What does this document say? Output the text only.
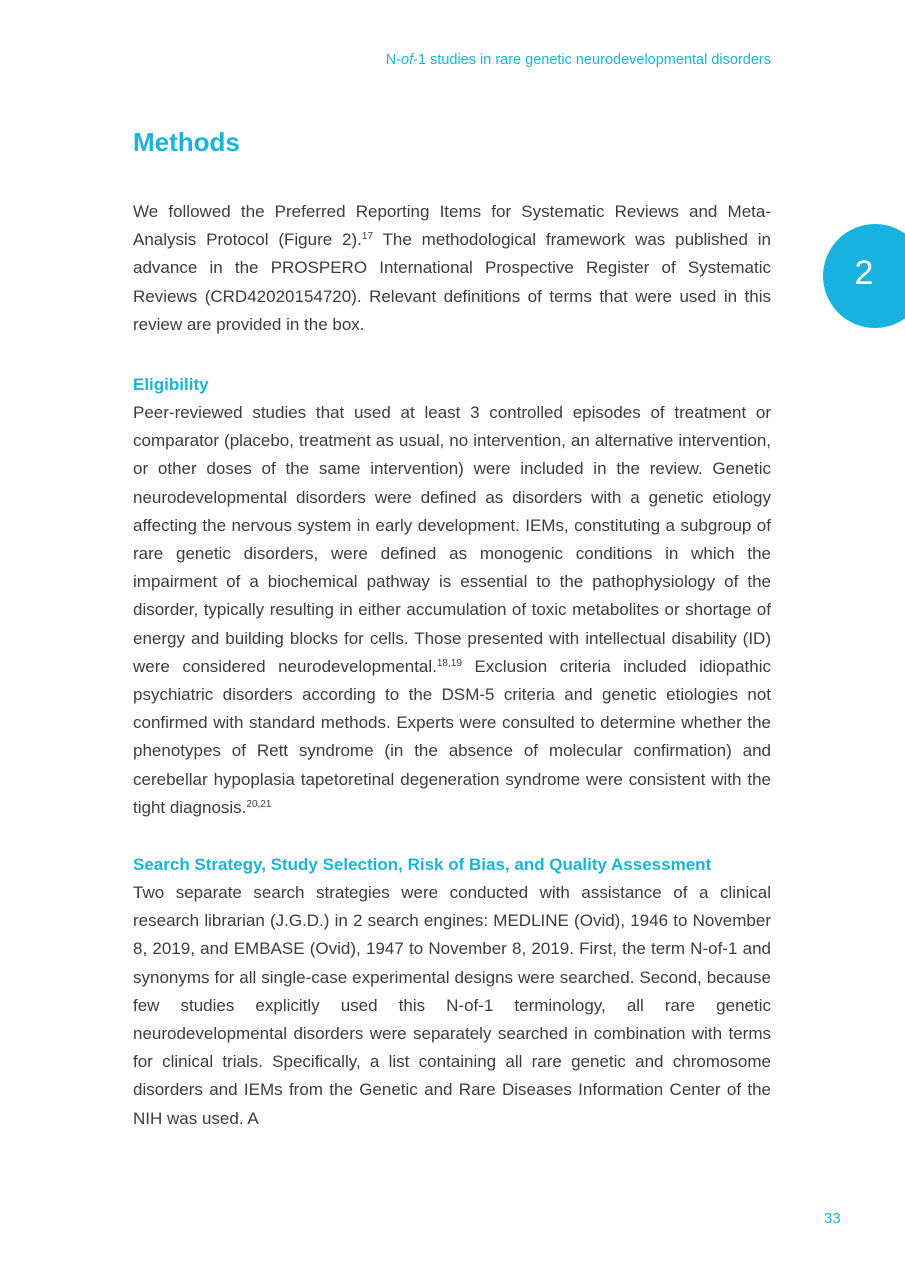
N-of-1 studies in rare genetic neurodevelopmental disorders
2
Methods

We followed the Preferred Reporting Items for Systematic Reviews and Meta-Analysis Protocol (Figure 2).$^{17}$ The methodological framework was published in advance in the PROSPERO International Prospective Register of Systematic Reviews (CRD42020154720). Relevant definitions of terms that were used in this review are provided in the box.

Eligibility

Peer-reviewed studies that used at least 3 controlled episodes of treatment or comparator (placebo, treatment as usual, no intervention, an alternative intervention, or other doses of the same intervention) were included in the review. Genetic neurodevelopmental disorders were defined as disorders with a genetic etiology affecting the nervous system in early development. IEMs, constituting a subgroup of rare genetic disorders, were defined as monogenic conditions in which the impairment of a biochemical pathway is essential to the pathophysiology of the disorder, typically resulting in either accumulation of toxic metabolites or shortage of energy and building blocks for cells. Those presented with intellectual disability (ID) were considered neurodevelopmental.$^{18,19}$ Exclusion criteria included idiopathic psychiatric disorders according to the DSM-5 criteria and genetic etiologies not confirmed with standard methods. Experts were consulted to determine whether the phenotypes of Rett syndrome (in the absence of molecular confirmation) and cerebellar hypoplasia tapetoretinal degeneration syndrome were consistent with the tight diagnosis.$^{20,21}$

Search Strategy, Study Selection, Risk of Bias, and Quality Assessment

Two separate search strategies were conducted with assistance of a clinical research librarian (J.G.D.) in 2 search engines: MEDLINE (Ovid), 1946 to November 8, 2019, and EMBASE (Ovid), 1947 to November 8, 2019. First, the term N-of-1 and synonyms for all single-case experimental designs were searched. Second, because few studies explicitly used this N-of-1 terminology, all rare genetic neurodevelopmental disorders were separately searched in combination with terms for clinical trials. Specifically, a list containing all rare genetic and chromosome disorders and IEMs from the Genetic and Rare Diseases Information Center of the NIH was used. A

33
